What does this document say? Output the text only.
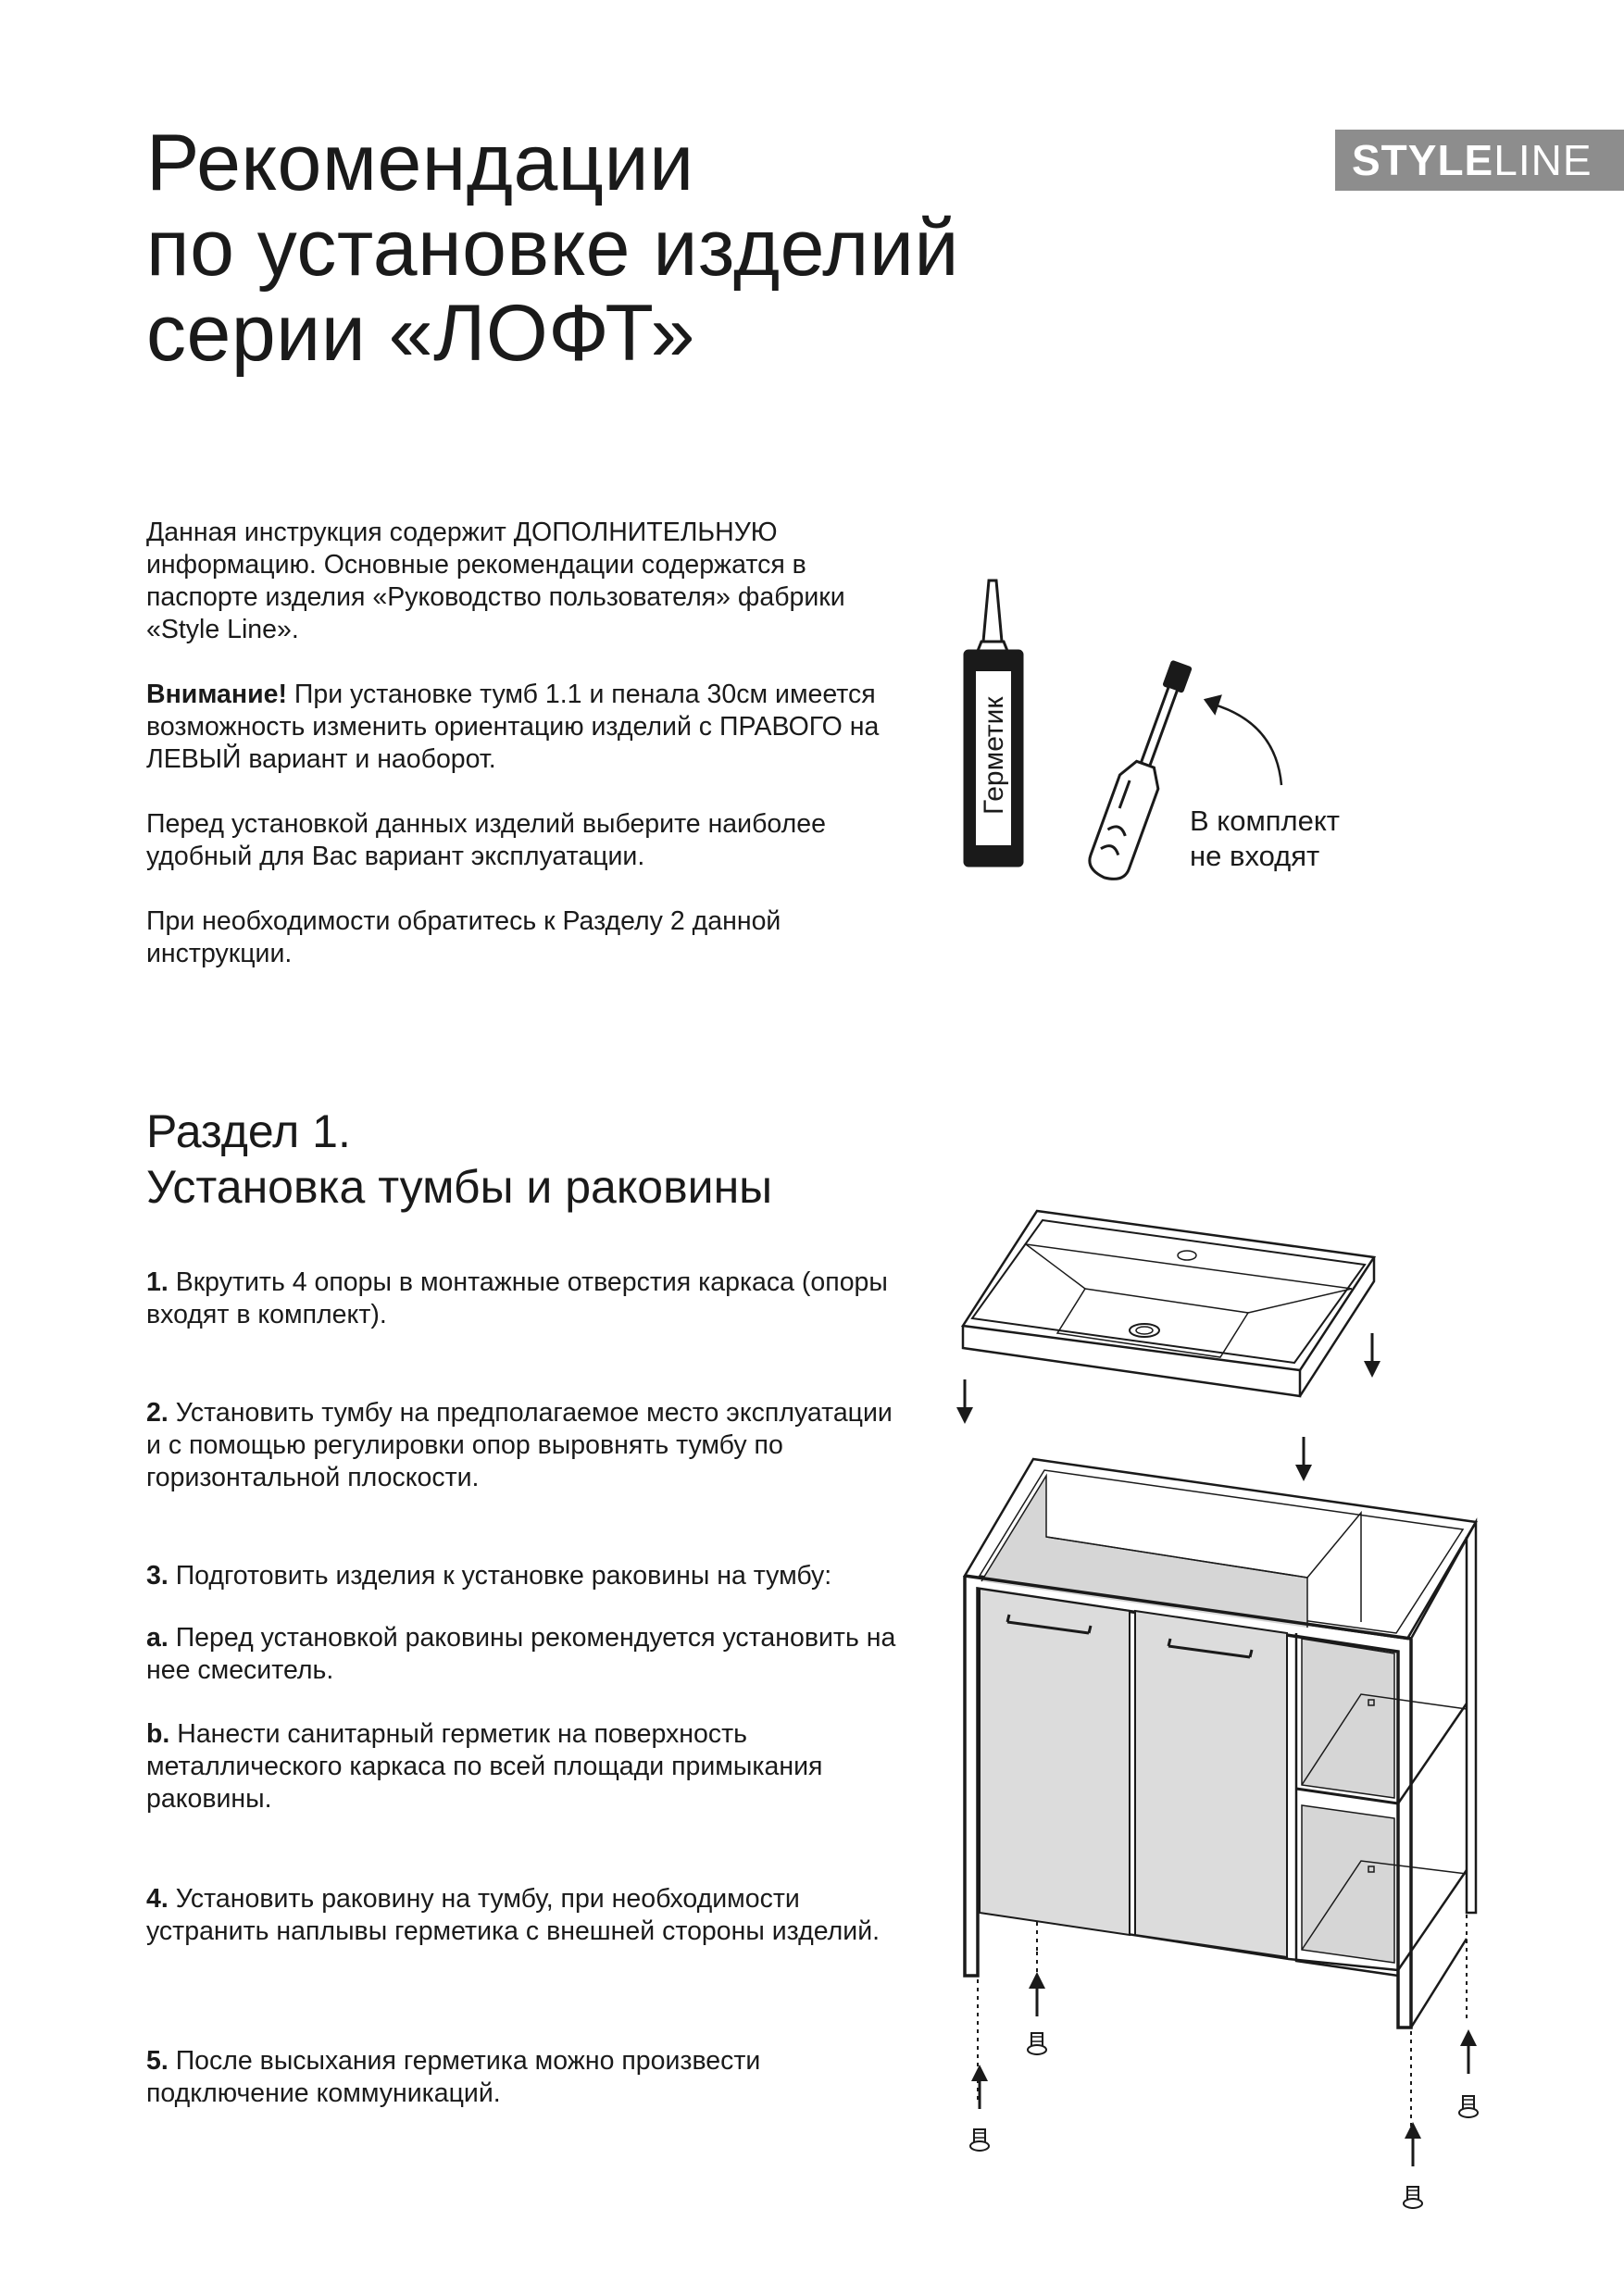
Рекомендации
по установке изделий
серии «ЛОФТ»
STYLELINE

Данная инструкция содержит ДОПОЛНИТЕЛЬНУЮ информацию. Основные рекомендации содержатся в паспорте изделия «Руководство пользователя» фабрики «Style Line».

Внимание! При установке тумб 1.1 и пенала 30см имеется возможность изменить ориентацию изделий с ПРАВОГО на ЛЕВЫЙ вариант и наоборот.

Перед установкой данных изделий выберите наиболее удобный для Вас вариант эксплуатации.

При необходимости обратитесь к Разделу 2 данной инструкции.

Герметик
В комплект
не входят
Раздел 1.
Установка тумбы и раковины

1. Вкрутить 4 опоры в монтажные отверстия каркаса (опоры входят в комплект).

2. Установить тумбу на предполагаемое место эксплуатации и с помощью регулировки опор выровнять тумбу по горизонтальной плоскости.

3. Подготовить изделия к установке раковины на тумбу:

a. Перед установкой раковины рекомендуется установить на нее смеситель.

b. Нанести санитарный герметик на поверхность металлического каркаса по всей площади примыкания раковины.

4. Установить раковину на тумбу, при необходимости устранить наплывы герметика с внешней стороны изделий.

5. После высыхания герметика можно произвести подключение коммуникаций.
